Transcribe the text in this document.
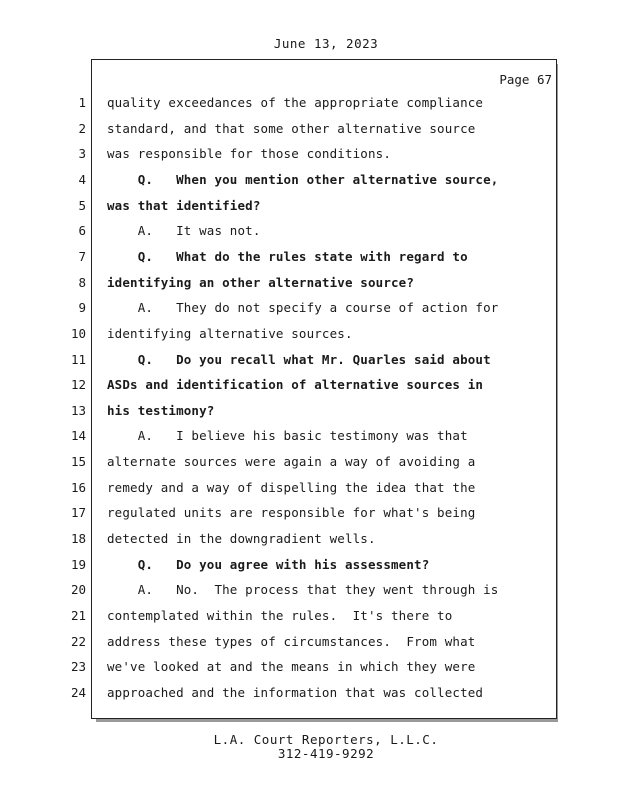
June 13, 2023
Page 67
1 quality exceedances of the appropriate compliance
2 standard, and that some other alternative source
3 was responsible for those conditions.
4 Q.   When you mention other alternative source,
5 was that identified?
6 A.   It was not.
7 Q.   What do the rules state with regard to
8 identifying an other alternative source?
9 A.   They do not specify a course of action for
10 identifying alternative sources.
11 Q.   Do you recall what Mr. Quarles said about
12 ASDs and identification of alternative sources in
13 his testimony?
14 A.   I believe his basic testimony was that
15 alternate sources were again a way of avoiding a
16 remedy and a way of dispelling the idea that the
17 regulated units are responsible for what's being
18 detected in the downgradient wells.
19 Q.   Do you agree with his assessment?
20 A.   No.  The process that they went through is
21 contemplated within the rules.  It's there to
22 address these types of circumstances.  From what
23 we've looked at and the means in which they were
24 approached and the information that was collected
L.A. Court Reporters, L.L.C.
312-419-9292
